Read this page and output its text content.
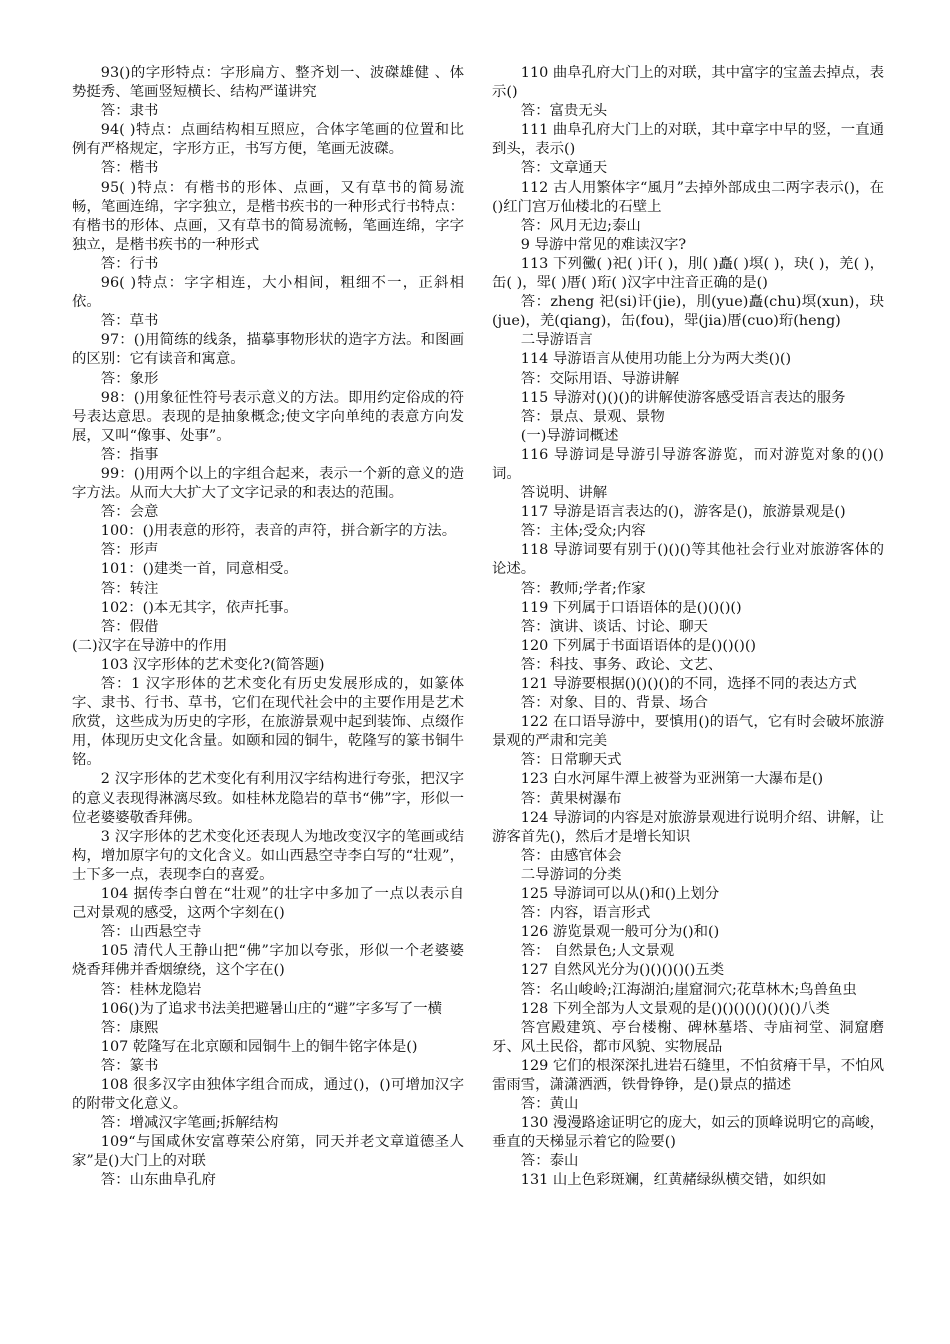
93()的字形特点：字形扁方、整齐划一、波磔雄健 、体势挺秀、笔画竖短横长、结构严谨讲究

答：隶书

94( )特点：点画结构相互照应，合体字笔画的位置和比例有严格规定，字形方正，书写方便，笔画无波磔。

答：楷书

95( )特点：有楷书的形体、点画，又有草书的简易流畅，笔画连绵，字字独立，是楷书疾书的一种形式行书特点：有楷书的形体、点画，又有草书的简易流畅，笔画连绵，字字独立，是楷书疾书的一种形式

答：行书

96( )特点：字字相连，大小相间，粗细不一，正斜相依。

答：草书

97：()用简练的线条，描摹事物形状的造字方法。和图画的区别：它有读音和寓意。

答：象形

98：()用象征性符号表示意义的方法。即用约定俗成的符号表达意思。表现的是抽象概念;使文字向单纯的表意方向发展，又叫“像事、处事”。

答：指事

99：()用两个以上的字组合起来，表示一个新的意义的造字方法。从而大大扩大了文字记录的和表达的范围。

答：会意

100：()用表意的形符，表音的声符，拼合新字的方法。

答：形声

101：()建类一首，同意相受。

答：转注

102：()本无其字，依声托事。

答：假借

(二)汉字在导游中的作用

103 汉字形体的艺术变化?(简答题)

答：1 汉字形体的艺术变化有历史发展形成的，如篆体字、隶书、行书、草书，它们在现代社会中的主要作用是艺术欣赏，这些成为历史的字形，在旅游景观中起到装饰、点缀作用，体现历史文化含量。如颐和园的铜牛，乾隆写的篆书铜牛铭。

2 汉字形体的艺术变化有利用汉字结构进行夸张，把汉字的意义表现得淋漓尽致。如桂林龙隐岩的草书“佛”字，形似一位老婆婆敬香拜佛。

3 汉字形体的艺术变化还表现人为地改变汉字的笔画或结构，增加原字句的文化含义。如山西悬空寺李白写的“壮观”，士下多一点，表现李白的喜爱。

104 据传李白曾在“壮观”的壮字中多加了一点以表示自己对景观的感受，这两个字刻在()

答：山西悬空寺

105 清代人王静山把“佛”字加以夸张，形似一个老婆婆烧香拜佛并香烟缭绕，这个字在()

答：桂林龙隐岩

106()为了追求书法美把避暑山庄的“避”字多写了一横

答：康熙

107 乾隆写在北京颐和园铜牛上的铜牛铭字体是()

答：篆书

108 很多汉字由独体字组合而成，通过()，()可增加汉字的附带文化意义。

答：增减汉字笔画;拆解结构

109“与国咸休安富尊荣公府第，同天并老文章道德圣人家”是()大门上的对联

答：山东曲阜孔府

110 曲阜孔府大门上的对联，其中富字的宝盖去掉点，表示()

答：富贵无头

111 曲阜孔府大门上的对联，其中章字中早的竖，一直通到头，表示()

答：文章通天

112 古人用繁体字“風月”去掉外部成虫二两字表示()，在()红门宫万仙楼北的石壁上

答：风月无边;泰山

9 导游中常见的难读汉字?

113 下列黴( )祀( )讦( )，刖( )矗( )塓( )，玦( )，羌( )，缶( )，斝( )厝( )珩( )汉字中注音正确的是()

答：zheng 祀(si)讦(jie)，刖(yue)矗(chu)塓(xun)，玦(jue)，羌(qiang)，缶(fou)，斝(jia)厝(cuo)珩(heng)

二导游语言

114 导游语言从使用功能上分为两大类()()

答：交际用语、导游讲解

115 导游对()()()的讲解使游客感受语言表达的服务

答：景点、景观、景物

(一)导游词概述

116 导游词是导游引导游客游览，而对游览对象的()()词。

答说明、讲解

117 导游是语言表达的()，游客是()，旅游景观是()

答：主体;受众;内容

118 导游词要有别于()()()等其他社会行业对旅游客体的论述。

答：教师;学者;作家

119 下列属于口语语体的是()()()()

答：演讲、谈话、讨论、聊天

120 下列属于书面语语体的是()()()()

答：科技、事务、政论、文艺、

121 导游要根据()()()()的不同，选择不同的表达方式

答：对象、目的、背景、场合

122 在口语导游中，要慎用()的语气，它有时会破坏旅游景观的严肃和完美

答：日常聊天式

123 白水河犀牛潭上被誉为亚洲第一大瀑布是()

答：黄果树瀑布

124 导游词的内容是对旅游景观进行说明介绍、讲解，让游客首先()，然后才是增长知识

答：由感官体会

二导游词的分类

125 导游词可以从()和()上划分

答：内容，语言形式

126 游览景观一般可分为()和()

答： 自然景色;人文景观

127 自然风光分为()()()()()五类

答：名山峻岭;江海湖泊;崖窟洞穴;花草林木;鸟兽鱼虫

128 下列全部为人文景观的是()()()()()()()()八类

答宫殿建筑、亭台楼榭、碑林墓塔、寺庙祠堂、洞窟磨牙、风土民俗，都市风貌、实物展品

129 它们的根深深扎进岩石缝里，不怕贫瘠干旱，不怕风雷雨雪，潇潇洒洒，铁骨铮铮，是()景点的描述

答：黄山

130 漫漫路途证明它的庞大，如云的顶峰说明它的高峻，垂直的天梯显示着它的险要()

答：泰山

131 山上色彩斑斓，红黄赭绿纵横交错，如织如
